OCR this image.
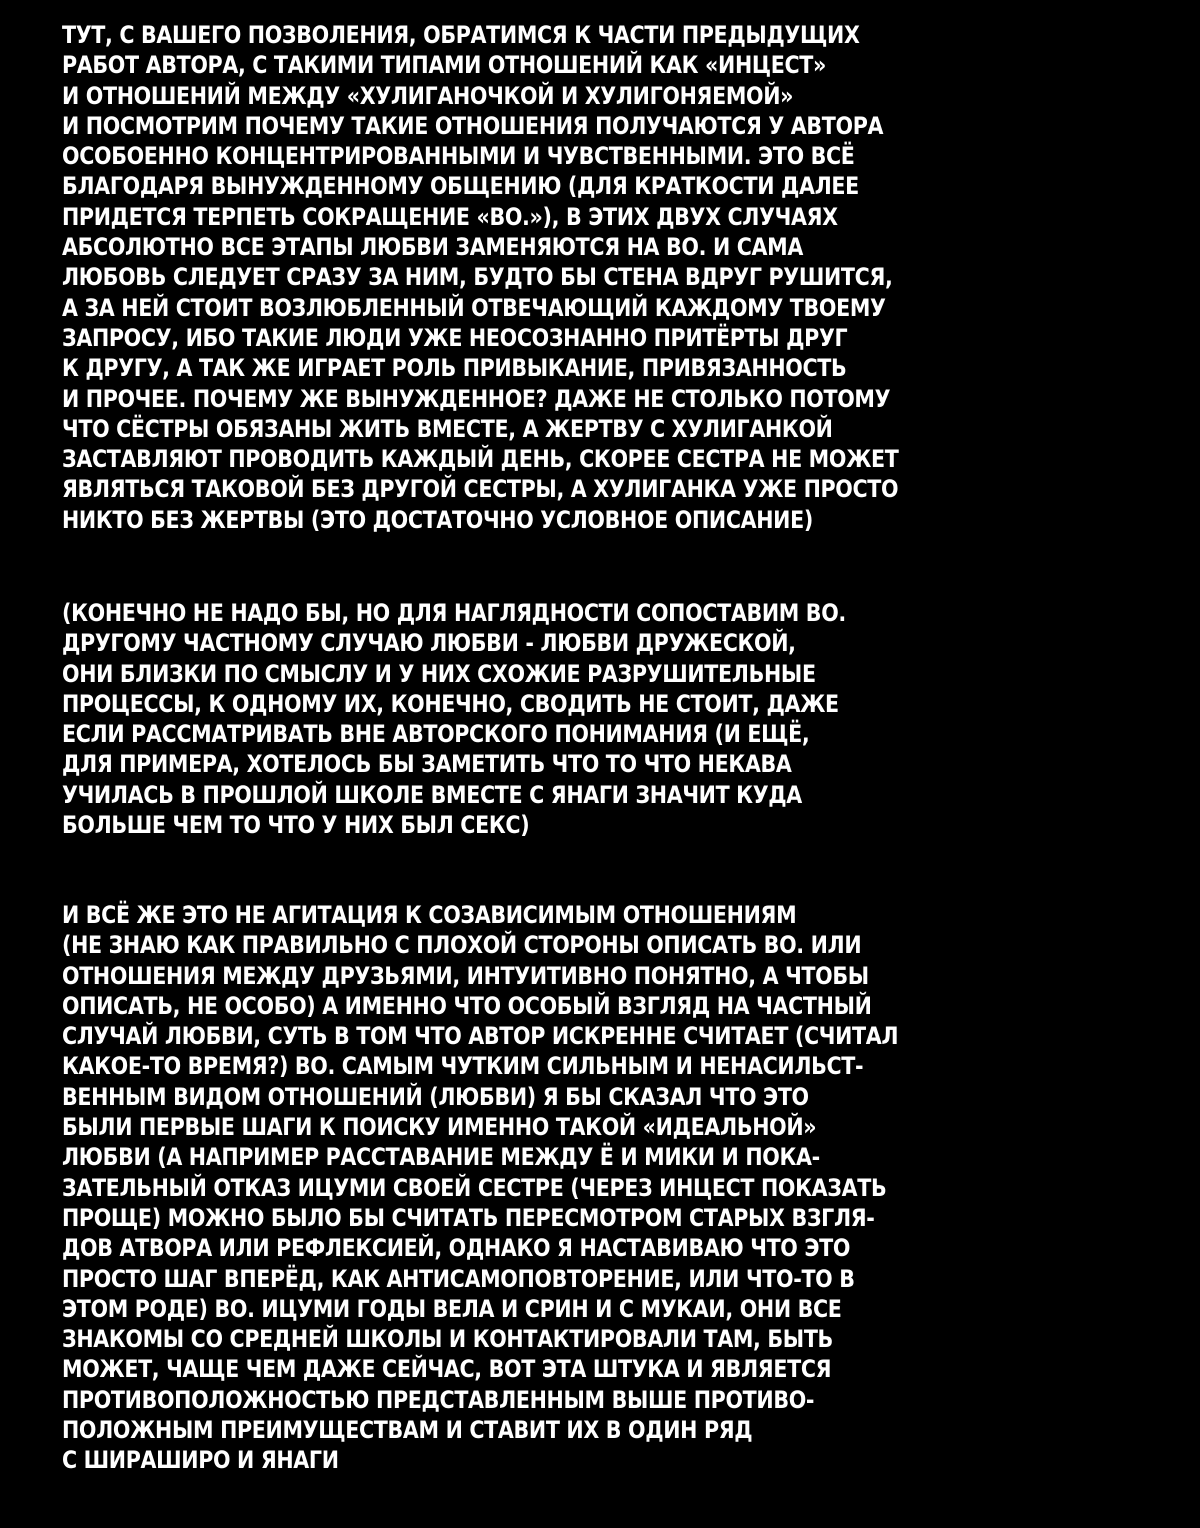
ТУТ, С ВАШЕГО ПОЗВОЛЕНИЯ, ОБРАТИМСЯ К ЧАСТИ ПРЕДЫДУЩИХ
РАБОТ АВТОРА, С ТАКИМИ ТИПАМИ ОТНОШЕНИЙ КАК «ИНЦЕСТ»
И ОТНОШЕНИЙ МЕЖДУ «ХУЛИГАНОЧКОЙ И ХУЛИГОНЯЕМОЙ»
И ПОСМОТРИМ ПОЧЕМУ ТАКИЕ ОТНОШЕНИЯ ПОЛУЧАЮТСЯ У АВТОРА
ОСОБОЕННО КОНЦЕНТРИРОВАННЫМИ И ЧУВСТВЕННЫМИ. ЭТО ВСЁ
БЛАГОДАРЯ ВЫНУЖДЕННОМУ ОБЩЕНИЮ (ДЛЯ КРАТКОСТИ ДАЛЕЕ
ПРИДЕТСЯ ТЕРПЕТЬ СОКРАЩЕНИЕ «ВО.»), В ЭТИХ ДВУХ СЛУЧАЯХ
АБСОЛЮТНО ВСЕ ЭТАПЫ ЛЮБВИ ЗАМЕНЯЮТСЯ НА ВО. И САМА
ЛЮБОВЬ СЛЕДУЕТ СРАЗУ ЗА НИМ, БУДТО БЫ СТЕНА ВДРУГ РУШИТСЯ,
А ЗА НЕЙ СТОИТ ВОЗЛЮБЛЕННЫЙ ОТВЕЧАЮЩИЙ КАЖДОМУ ТВОЕМУ
ЗАПРОСУ, ИБО ТАКИЕ ЛЮДИ УЖЕ НЕОСОЗНАННО ПРИТЁРТЫ ДРУГ
К ДРУГУ, А ТАК ЖЕ ИГРАЕТ РОЛЬ ПРИВЫКАНИЕ, ПРИВЯЗАННОСТЬ
И ПРОЧЕЕ. ПОЧЕМУ ЖЕ ВЫНУЖДЕННОЕ? ДАЖЕ НЕ СТОЛЬКО ПОТОМУ
ЧТО СЁСТРЫ ОБЯЗАНЫ ЖИТЬ ВМЕСТЕ, А ЖЕРТВУ С ХУЛИГАНКОЙ
ЗАСТАВЛЯЮТ ПРОВОДИТЬ КАЖДЫЙ ДЕНЬ, СКОРЕЕ СЕСТРА НЕ МОЖЕТ
ЯВЛЯТЬСЯ ТАКОВОЙ БЕЗ ДРУГОЙ СЕСТРЫ, А ХУЛИГАНКА УЖЕ ПРОСТО
НИКТО БЕЗ ЖЕРТВЫ (ЭТО ДОСТАТОЧНО УСЛОВНОЕ ОПИСАНИЕ)
(КОНЕЧНО НЕ НАДО БЫ, НО ДЛЯ НАГЛЯДНОСТИ СОПОСТАВИМ ВО.
ДРУГОМУ ЧАСТНОМУ СЛУЧАЮ ЛЮБВИ - ЛЮБВИ ДРУЖЕСКОЙ,
ОНИ БЛИЗКИ ПО СМЫСЛУ И У НИХ СХОЖИЕ РАЗРУШИТЕЛЬНЫЕ
ПРОЦЕССЫ, К ОДНОМУ ИХ, КОНЕЧНО, СВОДИТЬ НЕ СТОИТ, ДАЖЕ
ЕСЛИ РАССМАТРИВАТЬ ВНЕ АВТОРСКОГО ПОНИМАНИЯ (И ЕЩЁ,
ДЛЯ ПРИМЕРА, ХОТЕЛОСЬ БЫ ЗАМЕТИТЬ ЧТО ТО ЧТО НЕКАВА
УЧИЛАСЬ В ПРОШЛОЙ ШКОЛЕ ВМЕСТЕ С ЯНАГИ ЗНАЧИТ КУДА
БОЛЬШЕ ЧЕМ ТО ЧТО У НИХ БЫЛ СЕКС)
И ВСЁ ЖЕ ЭТО НЕ АГИТАЦИЯ К СОЗАВИСИМЫМ ОТНОШЕНИЯМ
(НЕ ЗНАЮ КАК ПРАВИЛЬНО С ПЛОХОЙ СТОРОНЫ ОПИСАТЬ ВО. ИЛИ
ОТНОШЕНИЯ МЕЖДУ ДРУЗЬЯМИ, ИНТУИТИВНО ПОНЯТНО, А ЧТОБЫ
ОПИСАТЬ, НЕ ОСОБО) А ИМЕННО ЧТО ОСОБЫЙ ВЗГЛЯД НА ЧАСТНЫЙ
СЛУЧАЙ ЛЮБВИ, СУТЬ В ТОМ ЧТО АВТОР ИСКРЕННЕ СЧИТАЕТ (СЧИТАЛ
КАКОЕ-ТО ВРЕМЯ?) ВО. САМЫМ ЧУТКИМ СИЛЬНЫМ И НЕНАСИЛЬСТ-
ВЕННЫМ ВИДОМ ОТНОШЕНИЙ (ЛЮБВИ) Я БЫ СКАЗАЛ ЧТО ЭТО
БЫЛИ ПЕРВЫЕ ШАГИ К ПОИСКУ ИМЕННО ТАКОЙ «ИДЕАЛЬНОЙ»
ЛЮБВИ (А НАПРИМЕР РАССТАВАНИЕ МЕЖДУ Ё И МИКИ И ПОКА-
ЗАТЕЛЬНЫЙ ОТКАЗ ИЦУМИ СВОЕЙ СЕСТРЕ (ЧЕРЕЗ ИНЦЕСТ ПОКАЗАТЬ
ПРОЩЕ) МОЖНО БЫЛО БЫ СЧИТАТЬ ПЕРЕСМОТРОМ СТАРЫХ ВЗГЛЯ-
ДОВ АТВОРА ИЛИ РЕФЛЕКСИЕЙ, ОДНАКО Я НАСТАВИВАЮ ЧТО ЭТО
ПРОСТО ШАГ ВПЕРЁД, КАК АНТИСАМОПОВТОРЕНИЕ, ИЛИ ЧТО-ТО В
ЭТОМ РОДЕ) ВО. ИЦУМИ ГОДЫ ВЕЛА И СРИН И С МУКАИ, ОНИ ВСЕ
ЗНАКОМЫ СО СРЕДНЕЙ ШКОЛЫ И КОНТАКТИРОВАЛИ ТАМ, БЫТЬ
МОЖЕТ, ЧАЩЕ ЧЕМ ДАЖЕ СЕЙЧАС, ВОТ ЭТА ШТУКА И ЯВЛЯЕТСЯ
ПРОТИВОПОЛОЖНОСТЬЮ ПРЕДСТАВЛЕННЫМ ВЫШЕ ПРОТИВО-
ПОЛОЖНЫМ ПРЕИМУЩЕСТВАМ И СТАВИТ ИХ В ОДИН РЯД
С ШИРАШИРО И ЯНАГИ
